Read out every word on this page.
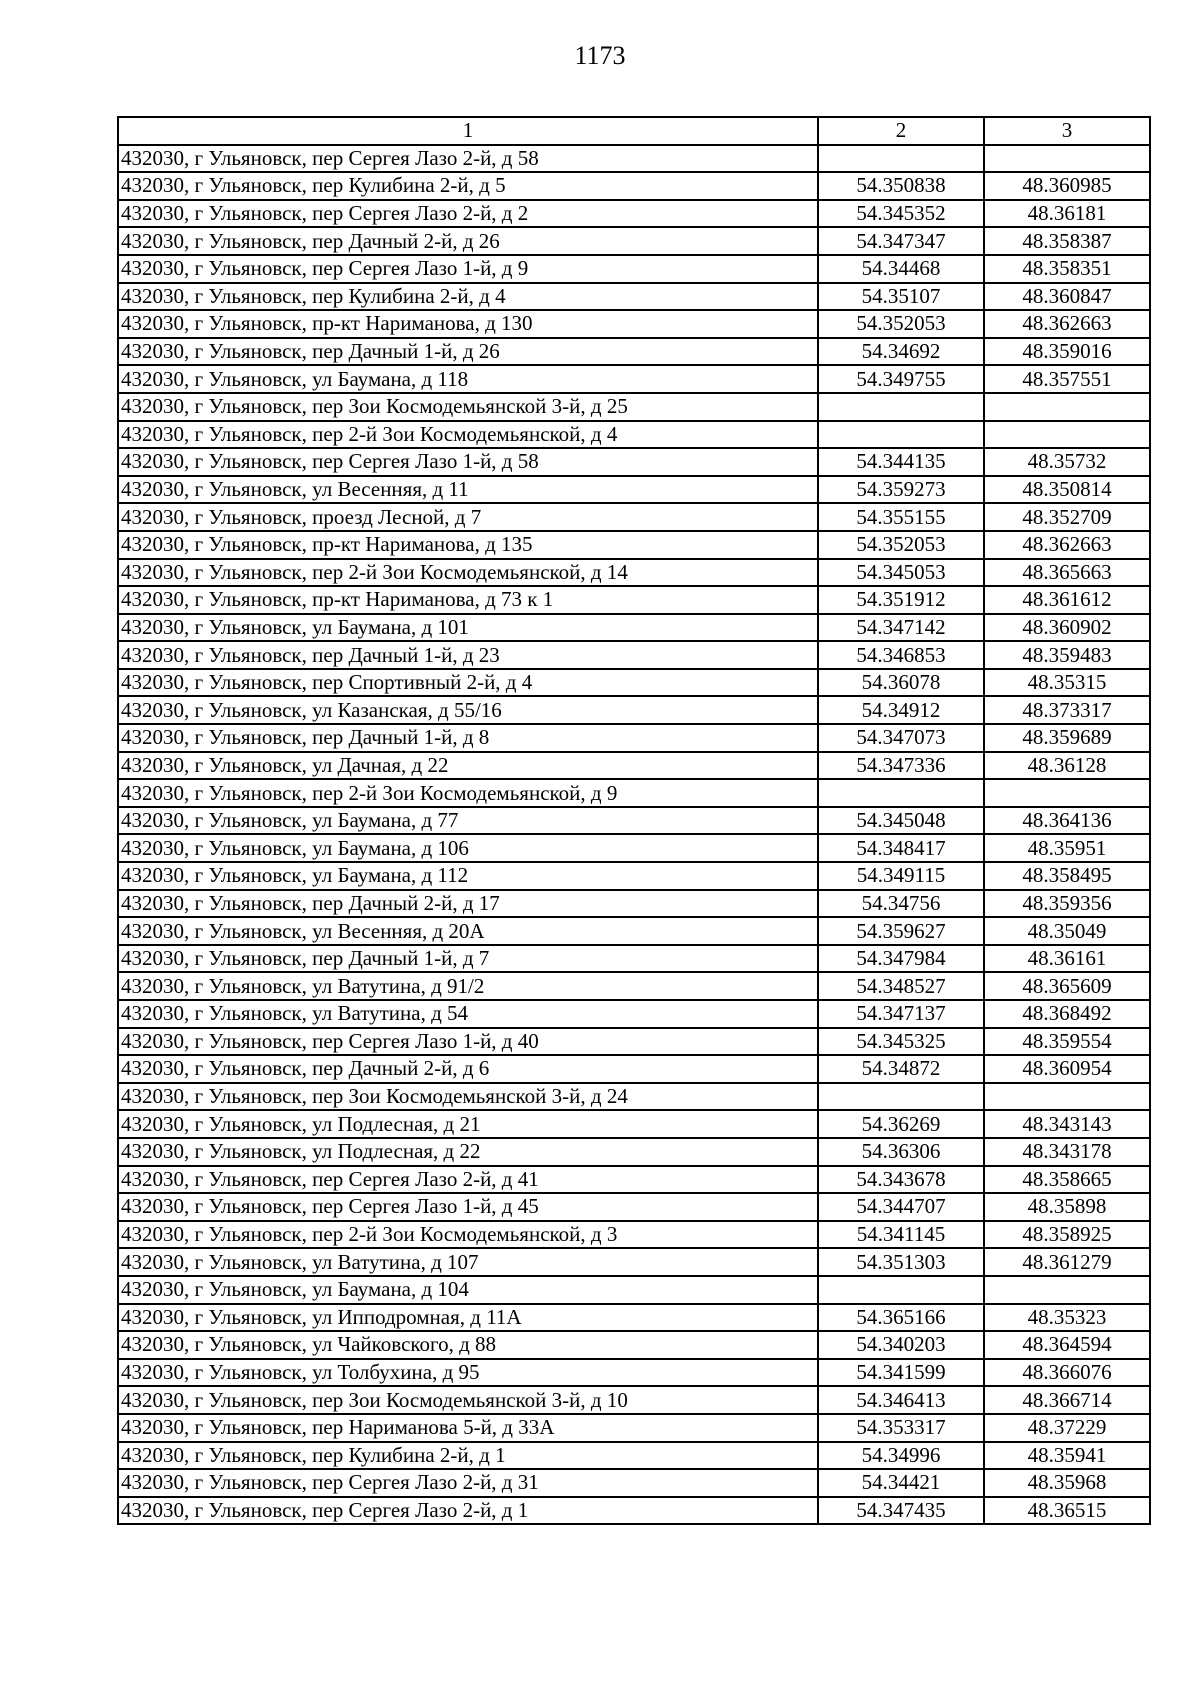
1173
1	2	3
432030, г Ульяновск, пер Сергея Лазо 2-й, д 58		
432030, г Ульяновск, пер Кулибина 2-й, д 5	54.350838	48.360985
432030, г Ульяновск, пер Сергея Лазо 2-й, д 2	54.345352	48.36181
432030, г Ульяновск, пер Дачный 2-й, д 26	54.347347	48.358387
432030, г Ульяновск, пер Сергея Лазо 1-й, д 9	54.34468	48.358351
432030, г Ульяновск, пер Кулибина 2-й, д 4	54.35107	48.360847
432030, г Ульяновск, пр-кт Нариманова, д 130	54.352053	48.362663
432030, г Ульяновск, пер Дачный 1-й, д 26	54.34692	48.359016
432030, г Ульяновск, ул Баумана, д 118	54.349755	48.357551
432030, г Ульяновск, пер Зои Космодемьянской 3-й, д 25		
432030, г Ульяновск, пер 2-й Зои Космодемьянской, д 4		
432030, г Ульяновск, пер Сергея Лазо 1-й, д 58	54.344135	48.35732
432030, г Ульяновск, ул Весенняя, д 11	54.359273	48.350814
432030, г Ульяновск, проезд Лесной, д 7	54.355155	48.352709
432030, г Ульяновск, пр-кт Нариманова, д 135	54.352053	48.362663
432030, г Ульяновск, пер 2-й Зои Космодемьянской, д 14	54.345053	48.365663
432030, г Ульяновск, пр-кт Нариманова, д 73 к 1	54.351912	48.361612
432030, г Ульяновск, ул Баумана, д 101	54.347142	48.360902
432030, г Ульяновск, пер Дачный 1-й, д 23	54.346853	48.359483
432030, г Ульяновск, пер Спортивный 2-й, д 4	54.36078	48.35315
432030, г Ульяновск, ул Казанская, д 55/16	54.34912	48.373317
432030, г Ульяновск, пер Дачный 1-й, д 8	54.347073	48.359689
432030, г Ульяновск, ул Дачная, д 22	54.347336	48.36128
432030, г Ульяновск, пер 2-й Зои Космодемьянской, д 9		
432030, г Ульяновск, ул Баумана, д 77	54.345048	48.364136
432030, г Ульяновск, ул Баумана, д 106	54.348417	48.35951
432030, г Ульяновск, ул Баумана, д 112	54.349115	48.358495
432030, г Ульяновск, пер Дачный 2-й, д 17	54.34756	48.359356
432030, г Ульяновск, ул Весенняя, д 20А	54.359627	48.35049
432030, г Ульяновск, пер Дачный 1-й, д 7	54.347984	48.36161
432030, г Ульяновск, ул Ватутина, д 91/2	54.348527	48.365609
432030, г Ульяновск, ул Ватутина, д 54	54.347137	48.368492
432030, г Ульяновск, пер Сергея Лазо 1-й, д 40	54.345325	48.359554
432030, г Ульяновск, пер Дачный 2-й, д 6	54.34872	48.360954
432030, г Ульяновск, пер Зои Космодемьянской 3-й, д 24		
432030, г Ульяновск, ул Подлесная, д 21	54.36269	48.343143
432030, г Ульяновск, ул Подлесная, д 22	54.36306	48.343178
432030, г Ульяновск, пер Сергея Лазо 2-й, д 41	54.343678	48.358665
432030, г Ульяновск, пер Сергея Лазо 1-й, д 45	54.344707	48.35898
432030, г Ульяновск, пер 2-й Зои Космодемьянской, д 3	54.341145	48.358925
432030, г Ульяновск, ул Ватутина, д 107	54.351303	48.361279
432030, г Ульяновск, ул Баумана, д 104		
432030, г Ульяновск, ул Ипподромная, д 11А	54.365166	48.35323
432030, г Ульяновск, ул Чайковского, д 88	54.340203	48.364594
432030, г Ульяновск, ул Толбухина, д 95	54.341599	48.366076
432030, г Ульяновск, пер Зои Космодемьянской 3-й, д 10	54.346413	48.366714
432030, г Ульяновск, пер Нариманова 5-й, д 33А	54.353317	48.37229
432030, г Ульяновск, пер Кулибина 2-й, д 1	54.34996	48.35941
432030, г Ульяновск, пер Сергея Лазо 2-й, д 31	54.34421	48.35968
432030, г Ульяновск, пер Сергея Лазо 2-й, д 1	54.347435	48.36515
